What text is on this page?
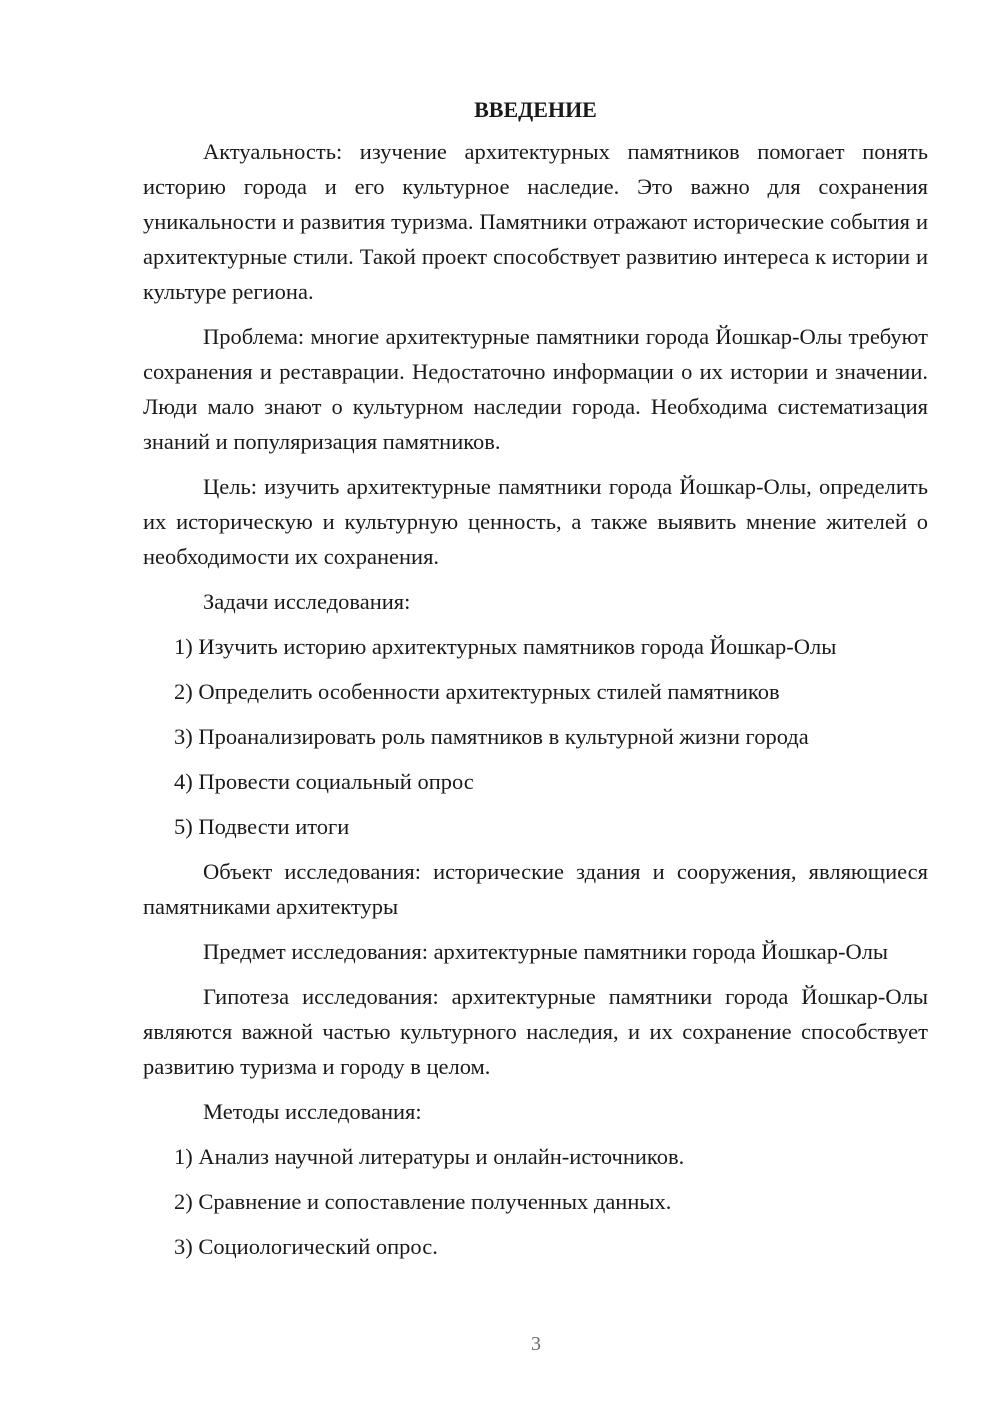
ВВЕДЕНИЕ

Актуальность: изучение архитектурных памятников помогает понять историю города и его культурное наследие. Это важно для сохранения уникальности и развития туризма. Памятники отражают исторические события и архитектурные стили. Такой проект способствует развитию интереса к истории и культуре региона.

Проблема: многие архитектурные памятники города Йошкар-Олы требуют сохранения и реставрации. Недостаточно информации о их истории и значении. Люди мало знают о культурном наследии города. Необходима систематизация знаний и популяризация памятников.

Цель: изучить архитектурные памятники города Йошкар-Олы, определить их историческую и культурную ценность, а также выявить мнение жителей о необходимости их сохранения.

Задачи исследования:

1) Изучить историю архитектурных памятников города Йошкар-Олы

2) Определить особенности архитектурных стилей памятников

3) Проанализировать роль памятников в культурной жизни города

4) Провести социальный опрос

5) Подвести итоги

Объект исследования: исторические здания и сооружения, являющиеся памятниками архитектуры

Предмет исследования: архитектурные памятники города Йошкар-Олы

Гипотеза исследования: архитектурные памятники города Йошкар-Олы являются важной частью культурного наследия, и их сохранение способствует развитию туризма и городу в целом.

Методы исследования:

1) Анализ научной литературы и онлайн-источников.

2) Сравнение и сопоставление полученных данных.

3) Социологический опрос.

3
